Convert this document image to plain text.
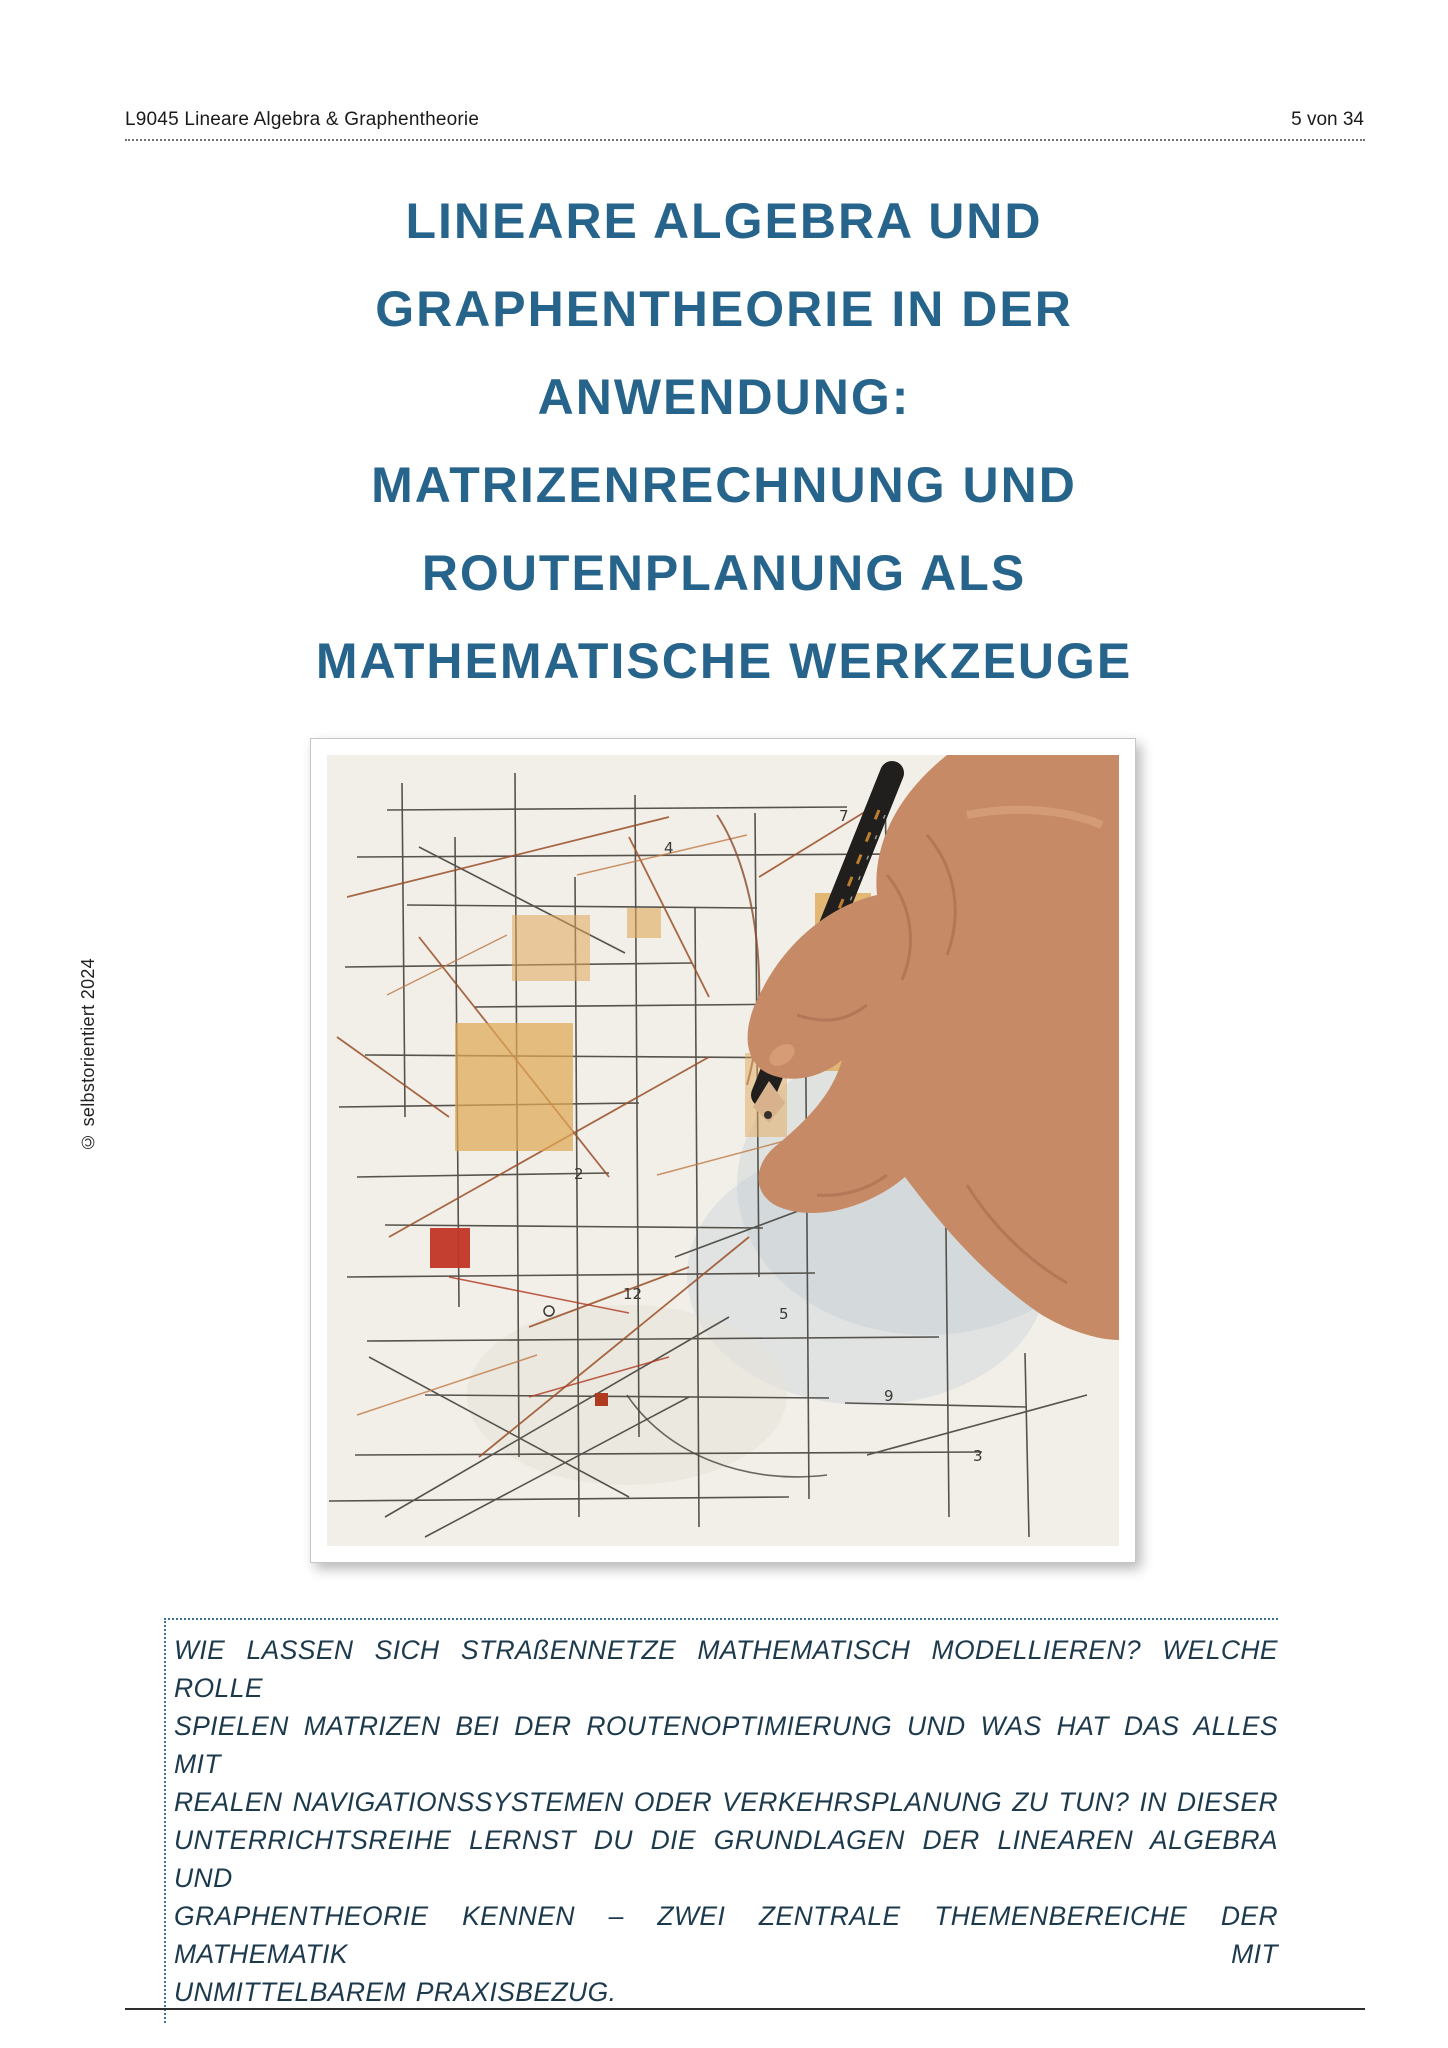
L9045 Lineare Algebra & Graphentheorie	5 von 34
LINEARE ALGEBRA UND
GRAPHENTHEORIE IN DER
ANWENDUNG:
MATRIZENRECHNUNG UND
ROUTENPLANUNG ALS
MATHEMATISCHE WERKZEUGE
© selbstorientiert 2024
4
7
2
5
12
9
3
WIE LASSEN SICH STRAßENNETZE MATHEMATISCH MODELLIEREN? WELCHE ROLLE
SPIELEN MATRIZEN BEI DER ROUTENOPTIMIERUNG UND WAS HAT DAS ALLES MIT
REALEN NAVIGATIONSSYSTEMEN ODER VERKEHRSPLANUNG ZU TUN? IN DIESER
UNTERRICHTSREIHE LERNST DU DIE GRUNDLAGEN DER LINEAREN ALGEBRA UND
GRAPHENTHEORIE KENNEN – ZWEI ZENTRALE THEMENBEREICHE DER MATHEMATIK MIT
UNMITTELBAREM PRAXISBEZUG.
